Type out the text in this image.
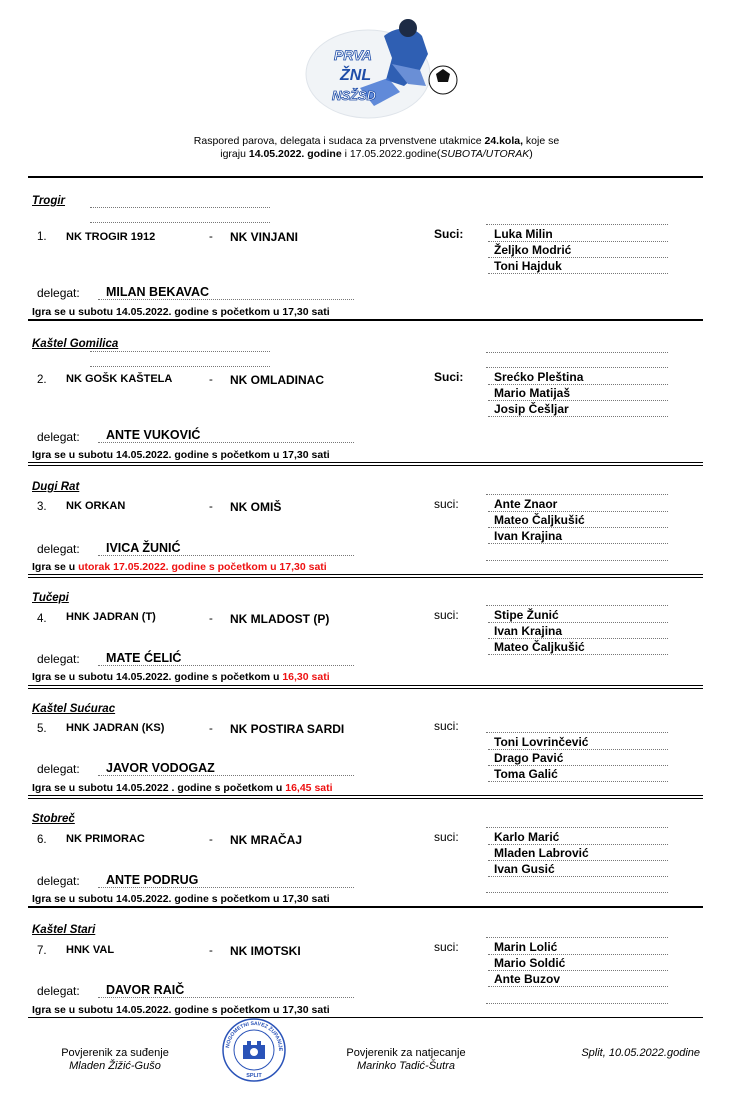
PRVA
ŽNL
NSŽSD
Raspored parova, delegata i sudaca za prvenstvene utakmice 24.kola, koje se
igraju 14.05.2022. godine i 17.05.2022.godine(SUBOTA/UTORAK)
Trogir
1. NK TROGIR 1912	- NK VINJANI	Suci:	Luka Milin
Željko Modrić
Toni Hajduk
delegat:	MILAN BEKAVAC
Igra se u subotu 14.05.2022. godine s početkom u 17,30 sati
Kaštel Gomilica
2. NK GOŠK KAŠTELA	- NK OMLADINAC	Suci:	Srećko Pleština
Mario Matijaš
Josip Češljar
delegat:	ANTE VUKOVIĆ
Igra se u subotu 14.05.2022. godine s početkom u 17,30 sati
Dugi Rat
3. NK ORKAN	- NK OMIŠ	suci:	Ante Znaor
Mateo Čaljkušić
Ivan Krajina
delegat:	IVICA ŽUNIĆ
Igra se u utorak 17.05.2022. godine s početkom u 17,30 sati
Tučepi
4. HNK JADRAN (T)	- NK MLADOST (P)	suci:	Stipe Žunić
Ivan Krajina
Mateo Čaljkušić
delegat:	MATE ĆELIĆ
Igra se u subotu 14.05.2022. godine s početkom u 16,30 sati
Kaštel Sućurac
5. HNK JADRAN (KS)	- NK POSTIRA SARDI	suci:
Toni Lovrinčević
Drago Pavić
Toma Galić
delegat:	JAVOR VODOGAZ
Igra se u subotu 14.05.2022 . godine s početkom u 16,45 sati
Stobreč
6. NK PRIMORAC	- NK MRAČAJ	suci:	Karlo Marić
Mladen Labrović
Ivan Gusić
delegat:	ANTE PODRUG
Igra se u subotu 14.05.2022. godine s početkom u 17,30 sati
Kaštel Stari
7. HNK VAL	- NK IMOTSKI	suci:	Marin Lolić
Mario Soldić
Ante Buzov
delegat:	DAVOR RAIČ
Igra se u subotu 14.05.2022. godine s početkom u 17,30 sati
Povjerenik za suđenje
Mladen Žižić-Gušo
NOGOMETNI SAVEZ ŽUPANIJE
SPLIT
Povjerenik za natjecanje
Marinko Tadić-Šutra
Split, 10.05.2022.godine
